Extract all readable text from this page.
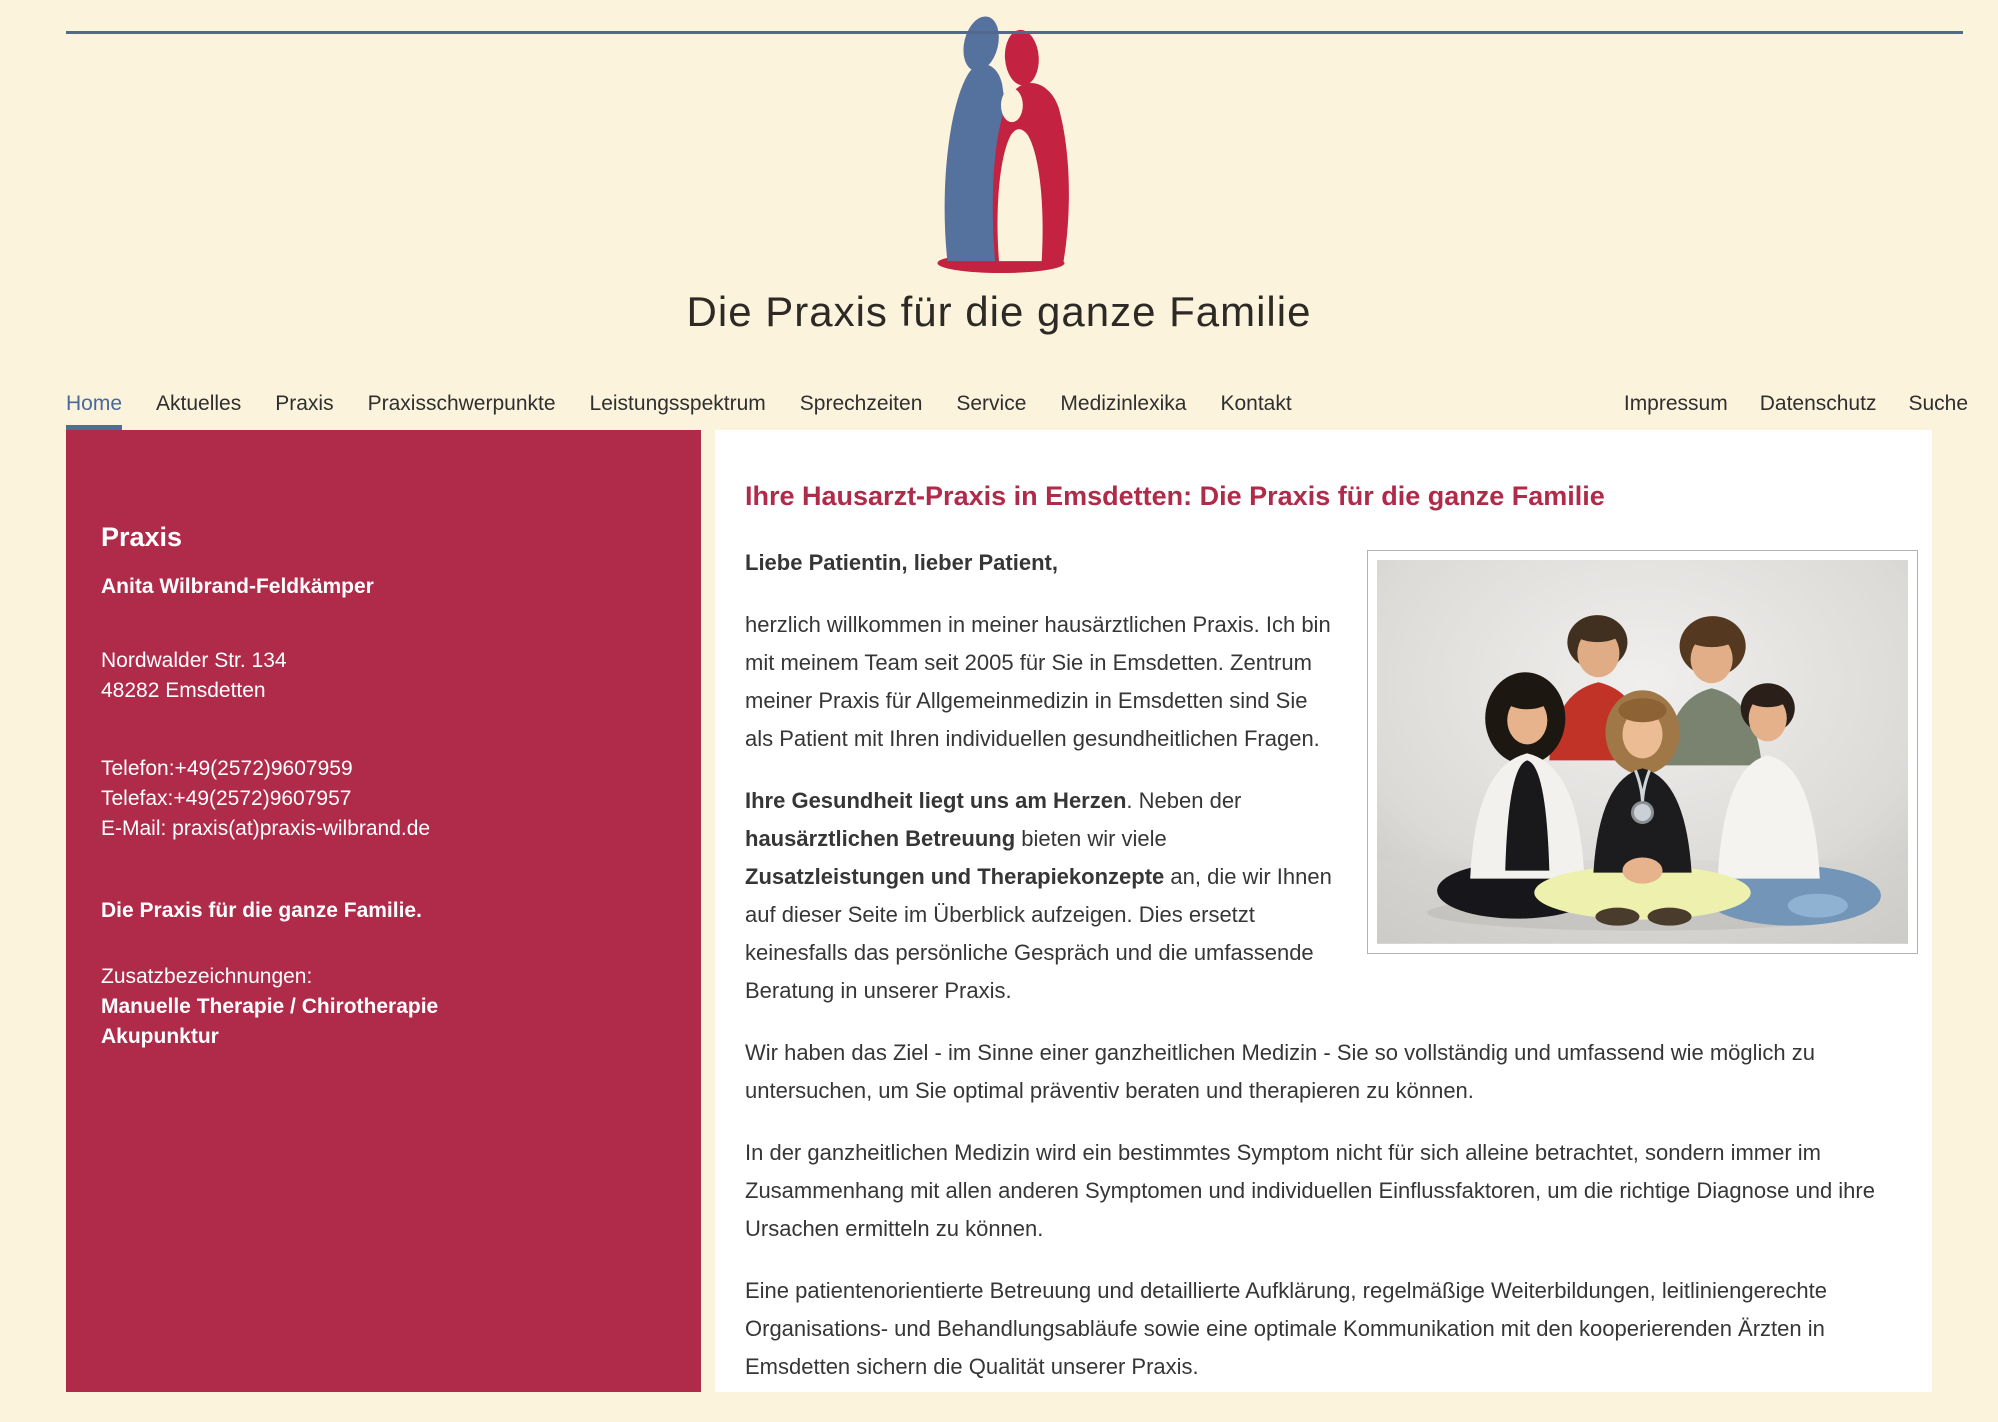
Die Praxis für die ganze Familie
Home Aktuelles Praxis Praxisschwerpunkte Leistungsspektrum Sprechzeiten Service Medizinlexika Kontakt	Impressum Datenschutz Suche
Praxis
Anita Wilbrand-Feldkämper
Nordwalder Str. 134
48282 Emsdetten
Telefon:+49(2572)9607959
Telefax:+49(2572)9607957
E-Mail: praxis(at)praxis-wilbrand.de
Die Praxis für die ganze Familie.
Zusatzbezeichnungen:
Manuelle Therapie / Chirotherapie
Akupunktur
Ihre Hausarzt-Praxis in Emsdetten: Die Praxis für die ganze Familie

Liebe Patientin, lieber Patient,

herzlich willkommen in meiner hausärztlichen Praxis. Ich bin mit meinem Team seit 2005 für Sie in Emsdetten. Zentrum meiner Praxis für Allgemeinmedizin in Emsdetten sind Sie als Patient mit Ihren individuellen gesundheitlichen Fragen.

Ihre Gesundheit liegt uns am Herzen. Neben der hausärztlichen Betreuung bieten wir viele Zusatzleistungen und Therapiekonzepte an, die wir Ihnen auf dieser Seite im Überblick aufzeigen. Dies ersetzt keinesfalls das persönliche Gespräch und die umfassende Beratung in unserer Praxis.

Wir haben das Ziel - im Sinne einer ganzheitlichen Medizin - Sie so vollständig und umfassend wie möglich zu untersuchen, um Sie optimal präventiv beraten und therapieren zu können.

In der ganzheitlichen Medizin wird ein bestimmtes Symptom nicht für sich alleine betrachtet, sondern immer im Zusammenhang mit allen anderen Symptomen und individuellen Einflussfaktoren, um die richtige Diagnose und ihre Ursachen ermitteln zu können.

Eine patientenorientierte Betreuung und detaillierte Aufklärung, regelmäßige Weiterbildungen, leitliniengerechte Organisations- und Behandlungsabläufe sowie eine optimale Kommunikation mit den kooperierenden Ärzten in Emsdetten sichern die Qualität unserer Praxis.
